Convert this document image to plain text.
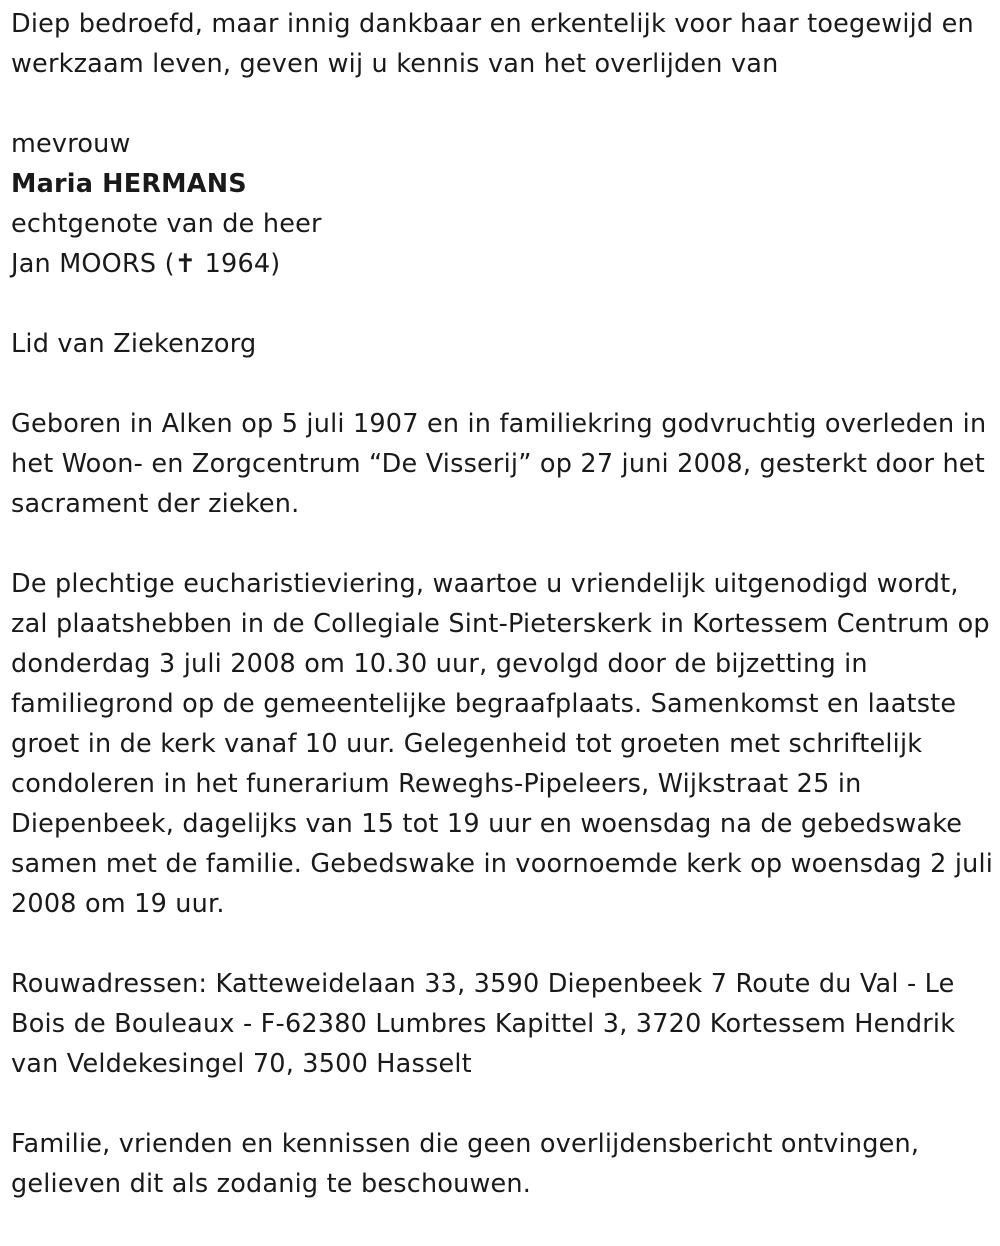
Diep bedroefd, maar innig dankbaar en erkentelijk voor haar toegewijd en werkzaam leven, geven wij u kennis van het overlijden van

mevrouw

Maria HERMANS

echtgenote van de heer

Jan MOORS (✝ 1964)

Lid van Ziekenzorg

Geboren in Alken op 5 juli 1907 en in familiekring godvruchtig overleden in het Woon- en Zorgcentrum “De Visserij” op 27 juni 2008, gesterkt door het sacrament der zieken.

De plechtige eucharistieviering, waartoe u vriendelijk uitgenodigd wordt, zal plaatshebben in de Collegiale Sint-Pieterskerk in Kortessem Centrum op donderdag 3 juli 2008 om 10.30 uur, gevolgd door de bijzetting in familiegrond op de gemeentelijke begraafplaats. Samenkomst en laatste groet in de kerk vanaf 10 uur. Gelegenheid tot groeten met schriftelijk condoleren in het funerarium Reweghs-Pipeleers, Wijkstraat 25 in Diepenbeek, dagelijks van 15 tot 19 uur en woensdag na de gebedswake samen met de familie. Gebedswake in voornoemde kerk op woensdag 2 juli 2008 om 19 uur.

Rouwadressen: Katteweidelaan 33, 3590 Diepenbeek 7 Route du Val - Le Bois de Bouleaux - F-62380 Lumbres Kapittel 3, 3720 Kortessem Hendrik van Veldekesingel 70, 3500 Hasselt

Familie, vrienden en kennissen die geen overlijdensbericht ontvingen, gelieven dit als zodanig te beschouwen.
